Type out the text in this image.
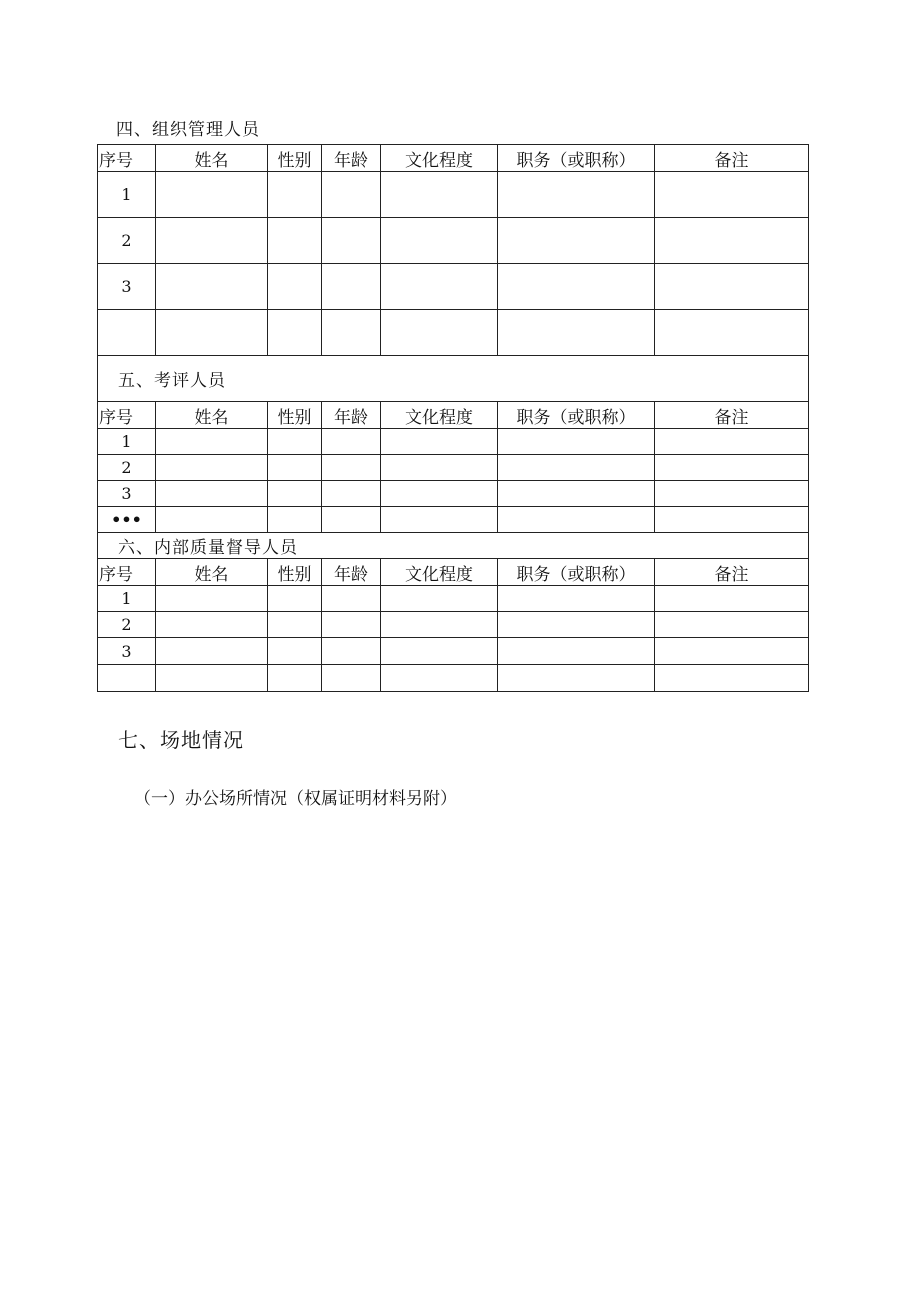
四、组织管理人员
序号	姓名	性别	年龄	文化程度	职务（或职称）	备注
1						
2						
3						

五、考评人员						
序号	姓名	性别	年龄	文化程度	职务（或职称）	备注
1						
2						
3						
•••						
六、内部质量督导人员						
序号	姓名	性别	年龄	文化程度	职务（或职称）	备注
1						
2						
3						

七、场地情况
（一）办公场所情况（权属证明材料另附）
